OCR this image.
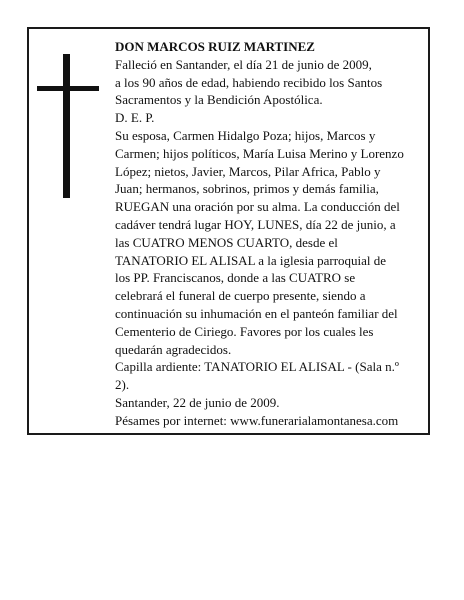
DON MARCOS RUIZ MARTINEZ
Falleció en Santander, el día 21 de junio de 2009,
a los 90 años de edad, habiendo recibido los Santos
Sacramentos y la Bendición Apostólica.
D. E. P.
Su esposa, Carmen Hidalgo Poza; hijos, Marcos y
Carmen; hijos políticos, María Luisa Merino y Lorenzo
López; nietos, Javier, Marcos, Pilar Africa, Pablo y
Juan; hermanos, sobrinos, primos y demás familia,
RUEGAN una oración por su alma. La conducción del
cadáver tendrá lugar HOY, LUNES, día 22 de junio, a
las CUATRO MENOS CUARTO, desde el
TANATORIO EL ALISAL a la iglesia parroquial de
los PP. Franciscanos, donde a las CUATRO se
celebrará el funeral de cuerpo presente, siendo a
continuación su inhumación en el panteón familiar del
Cementerio de Ciriego. Favores por los cuales les
quedarán agradecidos.
Capilla ardiente: TANATORIO EL ALISAL - (Sala n.º
2).
Santander, 22 de junio de 2009.
Pésames por internet: www.funerarialamontanesa.com
